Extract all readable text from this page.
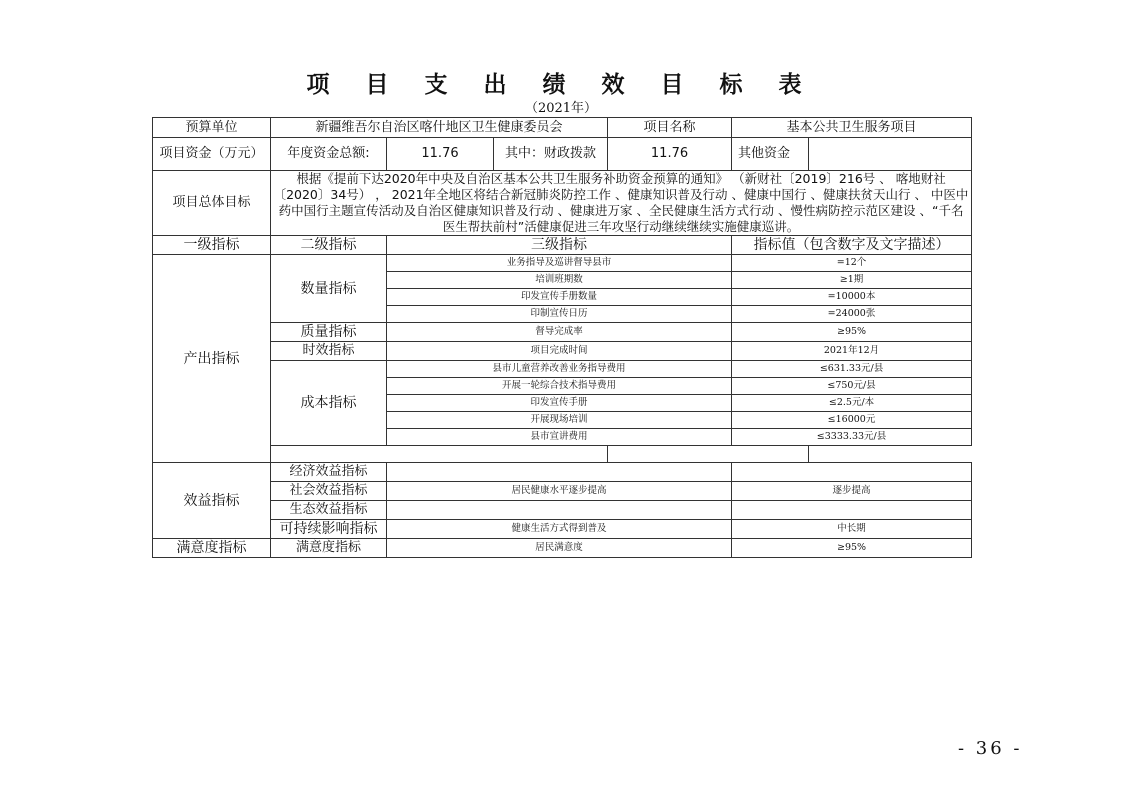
项 目 支 出 绩 效 目 标 表
（2021年）
预算单位	新疆维吾尔自治区喀什地区卫生健康委员会			项目名称	基本公共卫生服务项目	
项目资金（万元）	年度资金总额:	11.76	其中：财政拨款	11.76	其他资金	
项目总体目标	根据《提前下达2020年中央及自治区基本公共卫生服务补助资金预算的通知》 （新财社〔2019〕216号 、 喀地财社〔2020〕34号） ， 2021年全地区将结合新冠肺炎防控工作 、健康知识普及行动 、健康中国行 、健康扶贫天山行 、 中医中药中国行主题宣传活动及自治区健康知识普及行动 、健康进万家 、全民健康生活方式行动 、慢性病防控示范区建设 、“千名医生帮扶前村”活健康促进三年攻坚行动继续继续实施健康巡讲。					
一级指标	二级指标	三级指标			指标值（包含数字及文字描述）	
产出指标	数量指标	业务指导及巡讲督导县市			=12个	
		培训班期数			≥1期	
		印发宣传手册数量			=10000本	
		印制宣传日历			=24000张	
	质量指标	督导完成率			≥95%	
	时效指标	项目完成时间			2021年12月	
	成本指标	县市儿童营养改善业务指导费用			≤631.33元/县	
		开展一轮综合技术指导费用			≤750元/县	
		印发宣传手册			≤2.5元/本	
		开展现场培训			≤16000元	
		县市宣讲费用			≤3333.33元/县	

效益指标	经济效益指标					
	社会效益指标	居民健康水平逐步提高			逐步提高	
	生态效益指标					
	可持续影响指标	健康生活方式得到普及			中长期	
满意度指标	满意度指标	居民满意度			≥95%	
- 36 -
